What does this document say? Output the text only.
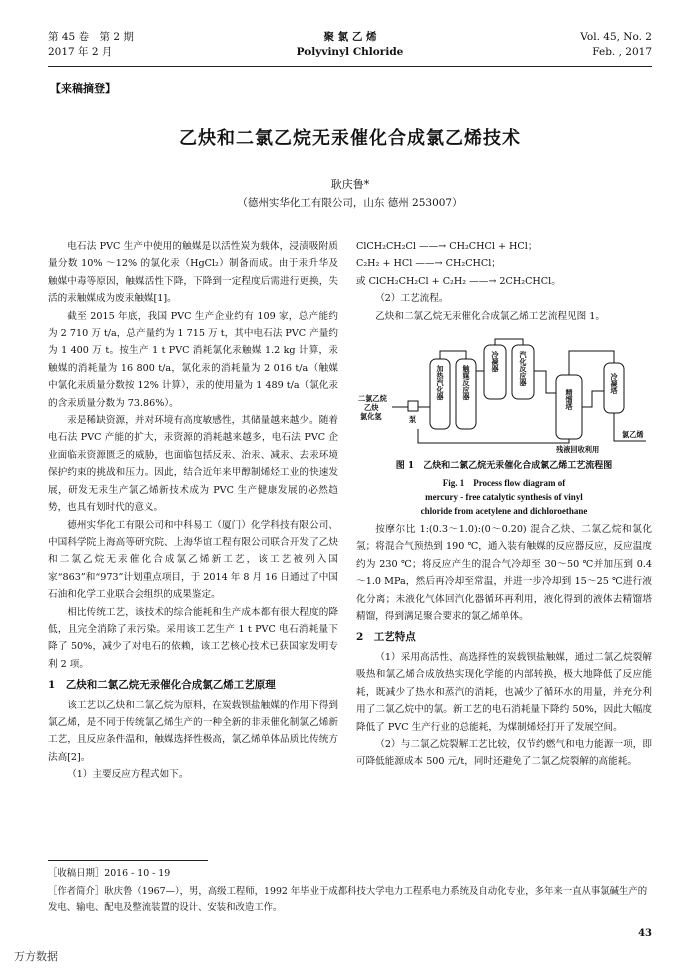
第 45 卷　第 2 期
2017 年 2 月
聚 氯 乙 烯
Polyvinyl Chloride
Vol. 45, No. 2
Feb. , 2017
【来稿摘登】
乙炔和二氯乙烷无汞催化合成氯乙烯技术
耿庆鲁*
（德州实华化工有限公司，山东 德州 253007）

电石法 PVC 生产中使用的触媒是以活性炭为载体，浸渍吸附质量分数 10% ～12% 的氯化汞（HgCl₂）制备而成。由于汞升华及触媒中毒等原因，触媒活性下降，下降到一定程度后需进行更换，失活的汞触媒成为废汞触媒[1]。

截至 2015 年底，我国 PVC 生产企业约有 109 家，总产能约为 2 710 万 t/a，总产量约为 1 715 万 t，其中电石法 PVC 产量约为 1 400 万 t。按生产 1 t PVC 消耗氯化汞触媒 1.2 kg 计算，汞触媒的消耗量为 16 800 t/a，氯化汞的消耗量为 2 016 t/a（触媒中氯化汞质量分数按 12% 计算），汞的使用量为 1 489 t/a（氯化汞的含汞质量分数为 73.86%）。

汞是稀缺资源，并对环境有高度敏感性，其储量越来越少。随着电石法 PVC 产能的扩大，汞资源的消耗越来越多，电石法 PVC 企业面临汞资源匮乏的威胁，也面临包括反汞、治汞、减汞、去汞环境保护约束的挑战和压力。因此，结合近年来甲醇制烯烃工业的快速发展，研发无汞生产氯乙烯新技术成为 PVC 生产健康发展的必然趋势，也具有划时代的意义。

德州实华化工有限公司和中科易工（厦门）化学科技有限公司、中国科学院上海高等研究院、上海华谊工程有限公司联合开发了乙炔和二氯乙烷无汞催化合成氯乙烯新工艺，该工艺被列入国家“863”和“973”计划重点项目，于 2014 年 8 月 16 日通过了中国石油和化学工业联合会组织的成果鉴定。

相比传统工艺，该技术的综合能耗和生产成本都有很大程度的降低，且完全消除了汞污染。采用该工艺生产 1 t PVC 电石消耗量下降了 50%，减少了对电石的依赖，该工艺核心技术已获国家发明专利 2 项。

1　乙炔和二氯乙烷无汞催化合成氯乙烯工艺原理

该工艺以乙炔和二氯乙烷为原料，在炭载钡盐触媒的作用下得到氯乙烯，是不同于传统氯乙烯生产的一种全新的非汞催化制氯乙烯新工艺，且反应条件温和，触媒选择性极高，氯乙烯单体品质比传统方法高[2]。

（1）主要反应方程式如下。

ClCH₂CH₂Cl ——→ CH₂CHCl + HCl；

C₂H₂ + HCl ——→ CH₂CHCl；

或 ClCH₂CH₂Cl + C₂H₂ ——→ 2CH₂CHCl。

（2）工艺流程。

乙炔和二氯乙烷无汞催化合成氯乙烯工艺流程见图 1。

二氯乙烷
乙炔
氯化氢	泵
残液回收利用
氯乙烯
加热汽化器	触媒反应器
冷凝器	汽化反应器
精馏塔
冷凝塔
图 1　乙炔和二氯乙烷无汞催化合成氯乙烯工艺流程图
Fig. 1　Process flow diagram of
mercury - free catalytic synthesis of vinyl
chloride from acetylene and dichloroethane

按摩尔比 1:(0.3～1.0):(0～0.20) 混合乙炔、二氯乙烷和氯化氢；将混合气预热到 190 ℃，通入装有触媒的反应器反应，反应温度约为 230 ℃；将反应产生的混合气冷却至 30～50 ℃并加压到 0.4～1.0 MPa，然后再冷却至常温，并进一步冷却到 15～25 ℃进行液化分离；未液化气体回汽化器循环再利用，液化得到的液体去精馏塔精馏，得到满足聚合要求的氯乙烯单体。

2　工艺特点

（1）采用高活性、高选择性的炭载钡盐触媒，通过二氯乙烷裂解吸热和氯乙烯合成放热实现化学能的内部转换，极大地降低了反应能耗，既减少了热水和蒸汽的消耗，也减少了循环水的用量，并充分利用了二氯乙烷中的氯。新工艺的电石消耗量下降约 50%，因此大幅度降低了 PVC 生产行业的总能耗，为煤制烯烃打开了发展空间。

（2）与二氯乙烷裂解工艺比较，仅节约燃气和电力能源一项，即可降低能源成本 500 元/t，同时还避免了二氯乙烷裂解的高能耗。

［收稿日期］2016 - 10 - 19
［作者简介］耿庆鲁（1967—），男，高级工程师，1992 年毕业于成都科技大学电力工程系电力系统及自动化专业，多年来一直从事氯碱生产的发电、输电、配电及整流装置的设计、安装和改造工作。
43
万方数据
